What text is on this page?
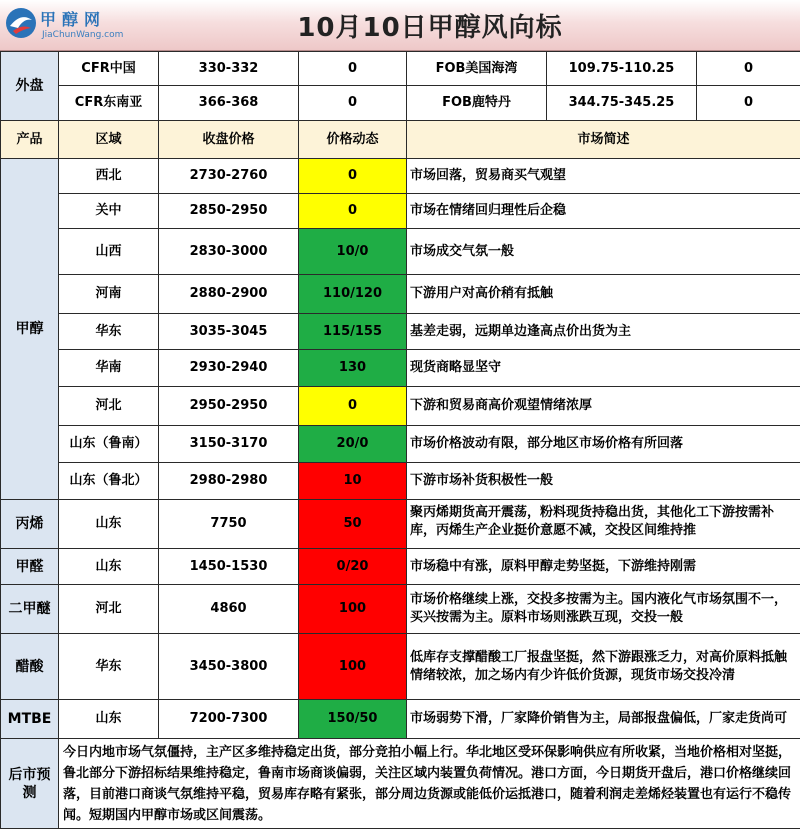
甲醇网
JiaChunWang.com	10月10日甲醇风向标
外盘	CFR中国	330-332	0	FOB美国海湾	109.75-110.25	0
	CFR东南亚	366-368	0	FOB鹿特丹	344.75-345.25	0
产品	区域	收盘价格	价格动态	市场简述		
甲醇	西北	2730-2760	0	市场回落，贸易商买气观望		
	关中	2850-2950	0	市场在情绪回归理性后企稳		
	山西	2830-3000	10/0	市场成交气氛一般		
	河南	2880-2900	110/120	下游用户对高价稍有抵触		
	华东	3035-3045	115/155	基差走弱，远期单边逢高点价出货为主		
	华南	2930-2940	130	现货商略显坚守		
	河北	2950-2950	0	下游和贸易商高价观望情绪浓厚		
	山东（鲁南）	3150-3170	20/0	市场价格波动有限，部分地区市场价格有所回落		
	山东（鲁北）	2980-2980	10	下游市场补货积极性一般		
丙烯	山东	7750	50	聚丙烯期货高开震荡，粉料现货持稳出货，其他化工下游按需补库，丙烯生产企业挺价意愿不减，交投区间维持推		

甲醛	山东	1450-1530	0/20	市场稳中有涨，原料甲醇走势坚挺，下游维持刚需		
二甲醚	河北	4860	100	市场价格继续上涨，交投多按需为主。国内液化气市场氛围不一，买兴按需为主。原料市场则涨跌互现，交投一般		
醋酸	华东	3450-3800	100	低库存支撑醋酸工厂报盘坚挺，然下游跟涨乏力，对高价原料抵触情绪较浓，加之场内有少许低价货源，现货市场交投冷清		
MTBE	山东	7200-7300	150/50	市场弱势下滑，厂家降价销售为主，局部报盘偏低，厂家走货尚可		
后市预测	今日内地市场气氛僵持，主产区多维持稳定出货，部分竞拍小幅上行。华北地区受环保影响供应有所收紧，当地价格相对坚挺，鲁北部分下游招标结果维持稳定，鲁南市场商谈偏弱，关注区域内装置负荷情况。港口方面，今日期货开盘后，港口价格继续回落，目前港口商谈气氛维持平稳，贸易库存略有紧张，部分周边货源或能低价运抵港口，随着利润走差烯烃装置也有运行不稳传闻。短期国内甲醇市场或区间震荡。					
